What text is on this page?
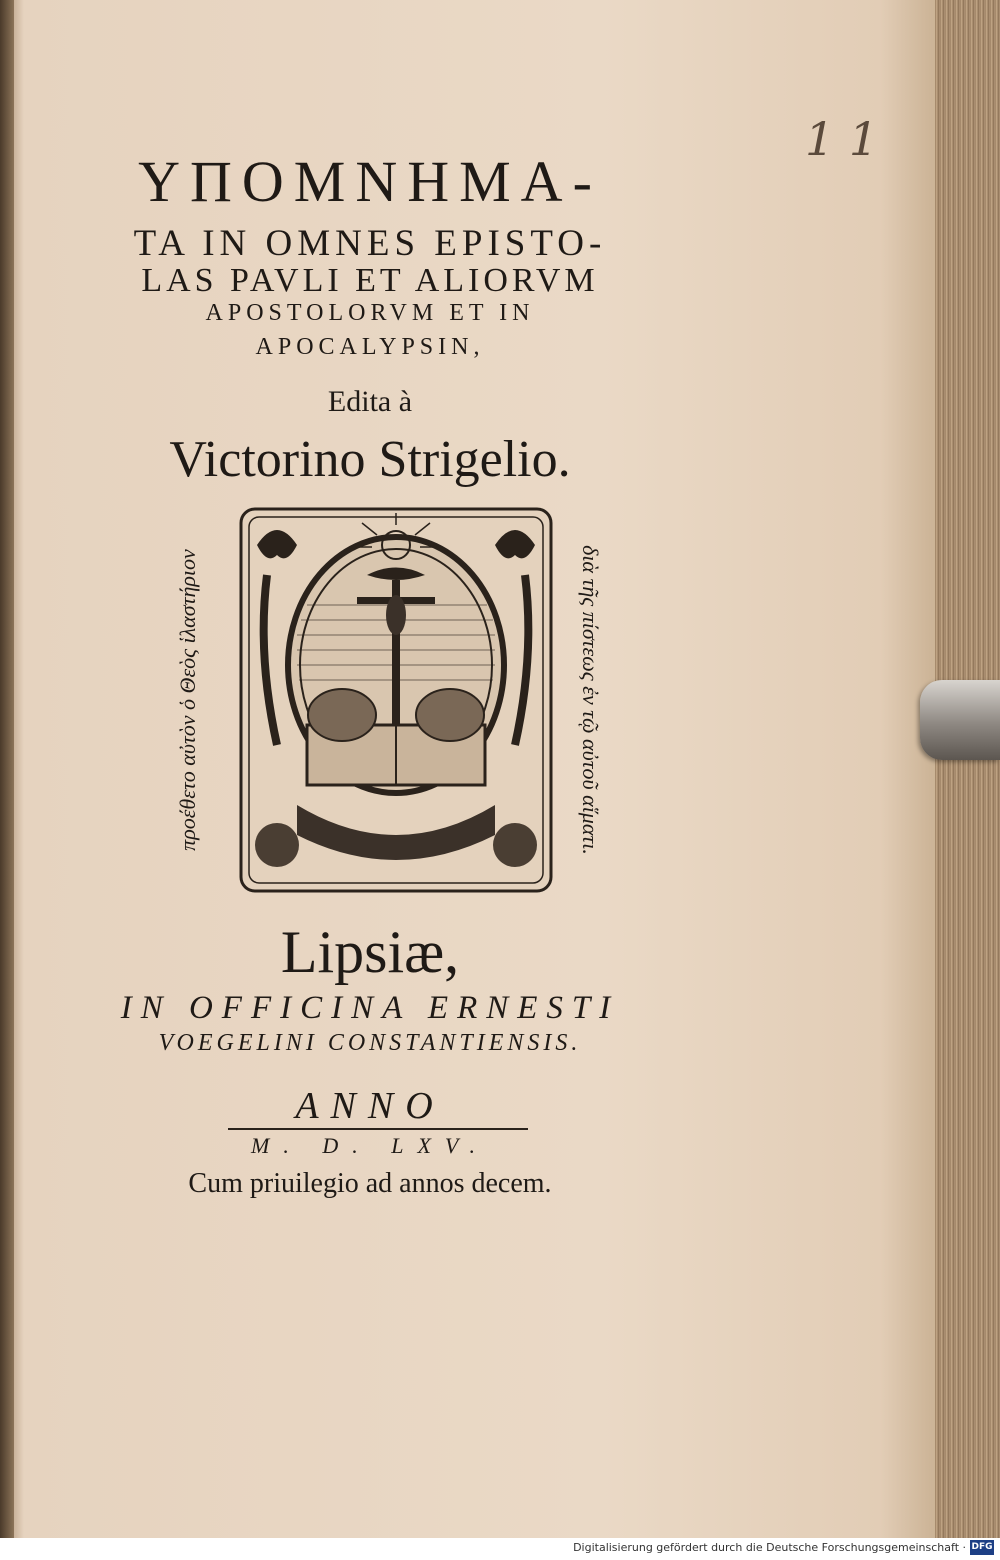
1 1
ΥΠΟΜΝΗΜΑ-
TA IN OMNES EPISTO-
LAS PAVLI ET ALIORVM
APOSTOLORVM ET IN
APOCALYPSIN,
Edita à
Victorino Strigelio.
προέθετο αὐτὸν ὁ Θεὸς ἱλαστήριον	διὰ τῆς πίστεως ἐν τῷ αὐτοῦ αἵματι.
Lipsiæ,
IN OFFICINA ERNESTI
VOEGELINI CONSTANTIENSIS.
ANNO
M. D. LXV.
Cum priuilegio ad annos decem.
Digitalisierung gefördert durch die Deutsche Forschungsgemeinschaft · DFG
